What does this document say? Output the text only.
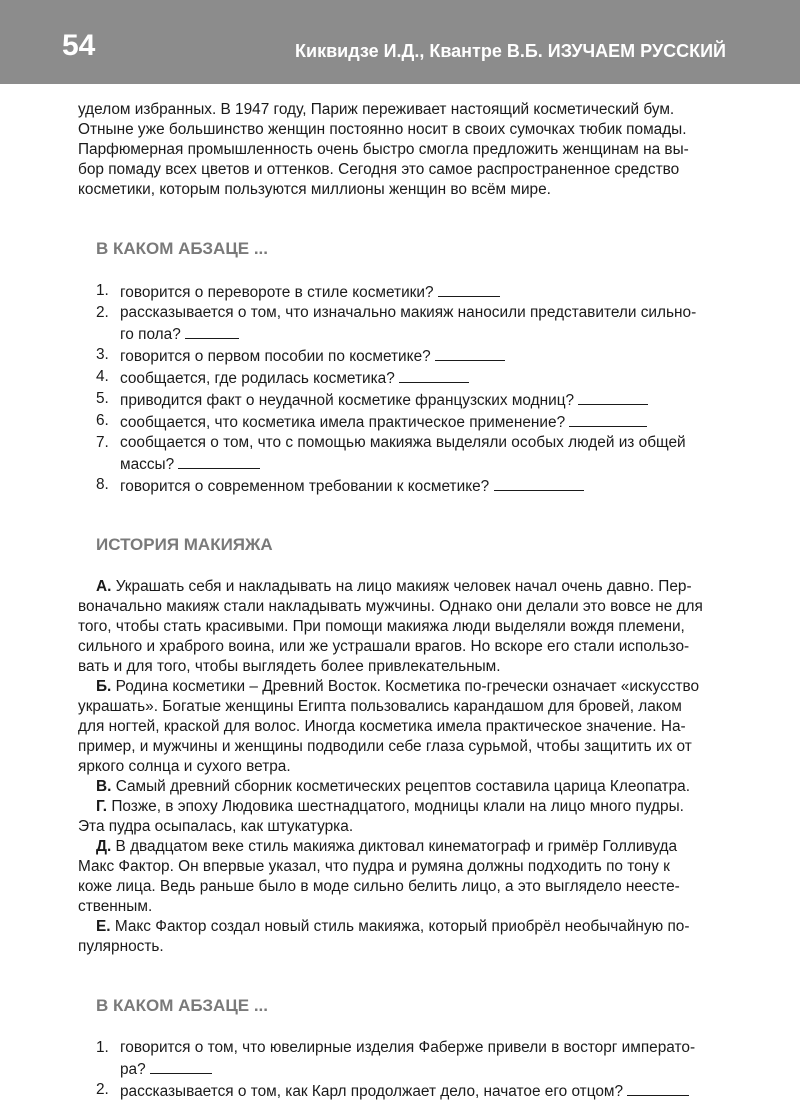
54	Киквидзе И.Д., Квантре В.Б. ИЗУЧАЕМ РУССКИЙ

уделом избранных. В 1947 году, Париж переживает настоящий косметический бум.
Отныне уже большинство женщин постоянно носит в своих сумочках тюбик помады.
Парфюмерная промышленность очень быстро смогла предложить женщинам на вы-
бор помаду всех цветов и оттенков. Сегодня это самое распространенное средство
косметики, которым пользуются миллионы женщин во всём мире.

В КАКОМ АБЗАЦЕ ...
1. говорится о перевороте в стиле косметики?
2. рассказывается о том, что изначально макияж наносили представители сильно-
го пола?
3. говорится о первом пособии по косметике?
4. сообщается, где родилась косметика?
5. приводится факт о неудачной косметике французских модниц?
6. сообщается, что косметика имела практическое применение?
7. сообщается о том, что с помощью макияжа выделяли особых людей из общей
массы?
8. говорится о современном требовании к косметике?
ИСТОРИЯ МАКИЯЖА

А. Украшать себя и накладывать на лицо макияж человек начал очень давно. Пер-
воначально макияж стали накладывать мужчины. Однако они делали это вовсе не для
того, чтобы стать красивыми. При помощи макияжа люди выделяли вождя племени,
сильного и храброго воина, или же устрашали врагов. Но вскоре его стали использо-
вать и для того, чтобы выглядеть более привлекательным.

Б. Родина косметики – Древний Восток. Косметика по-гречески означает «искусство
украшать». Богатые женщины Египта пользовались карандашом для бровей, лаком
для ногтей, краской для волос. Иногда косметика имела практическое значение. На-
пример, и мужчины и женщины подводили себе глаза сурьмой, чтобы защитить их от
яркого солнца и сухого ветра.

В. Самый древний сборник косметических рецептов составила царица Клеопатра.

Г. Позже, в эпоху Людовика шестнадцатого, модницы клали на лицо много пудры.
Эта пудра осыпалась, как штукатурка.

Д. В двадцатом веке стиль макияжа диктовал кинематограф и гримёр Голливуда
Макс Фактор. Он впервые указал, что пудра и румяна должны подходить по тону к
коже лица. Ведь раньше было в моде сильно белить лицо, а это выглядело неесте-
ственным.

Е. Макс Фактор создал новый стиль макияжа, который приобрёл необычайную по-
пулярность.

В КАКОМ АБЗАЦЕ ...
1. говорится о том, что ювелирные изделия Фаберже привели в восторг императо-
ра?
2. рассказывается о том, как Карл продолжает дело, начатое его отцом?
